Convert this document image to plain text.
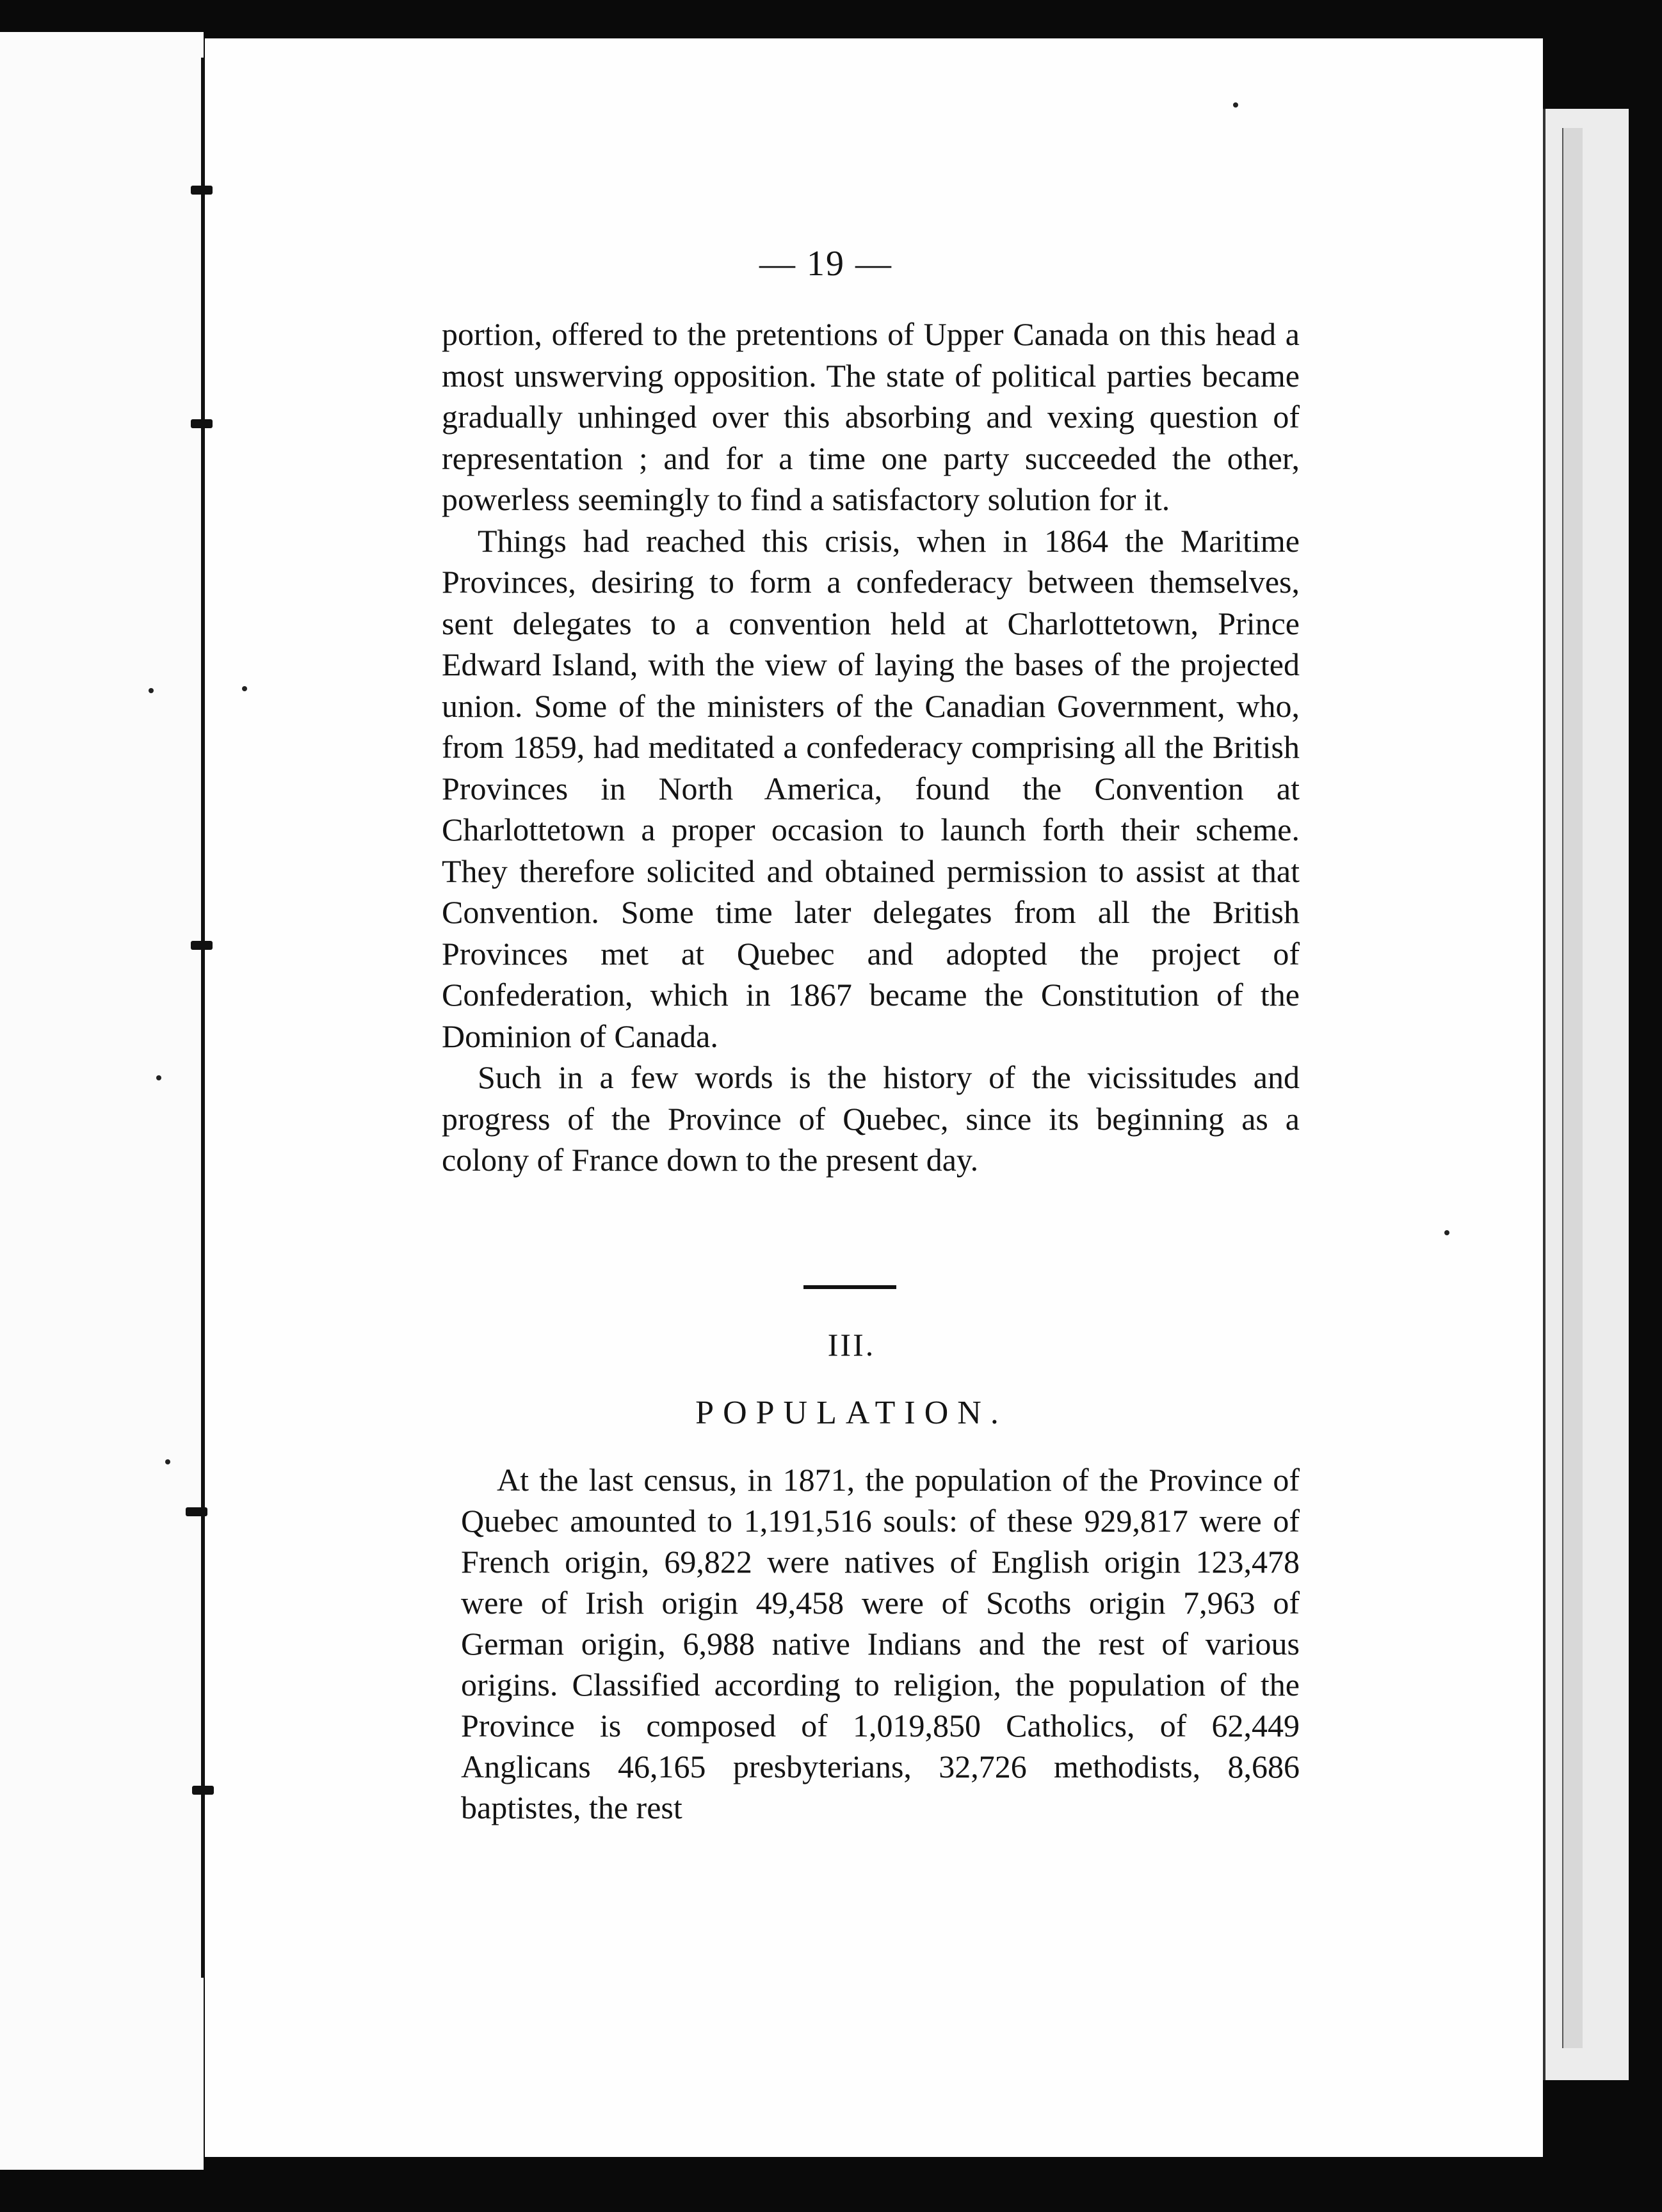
— 19 —

portion, offered to the pretentions of Upper Canada on this head a most unswerving opposition. The state of political parties became gradually unhinged over this absorbing and vexing question of representation ; and for a time one party succeeded the other, powerless seemingly to find a satisfactory solution for it.

Things had reached this crisis, when in 1864 the Maritime Provinces, desiring to form a confederacy between themselves, sent delegates to a convention held at Charlottetown, Prince Edward Island, with the view of laying the bases of the projected union. Some of the ministers of the Canadian Government, who, from 1859, had meditated a confederacy comprising all the British Provinces in North America, found the Convention at Charlottetown a proper occasion to launch forth their scheme. They therefore solicited and obtained permission to assist at that Convention. Some time later delegates from all the British Provinces met at Quebec and adopted the project of Confederation, which in 1867 became the Constitution of the Dominion of Canada.

Such in a few words is the history of the vicissitudes and progress of the Province of Quebec, since its beginning as a colony of France down to the present day.

III.
POPULATION.

At the last census, in 1871, the population of the Province of Quebec amounted to 1,191,516 souls: of these 929,817 were of French origin, 69,822 were natives of English origin 123,478 were of Irish origin 49,458 were of Scoths origin 7,963 of German origin, 6,988 native Indians and the rest of various origins. Classified according to religion, the population of the Province is composed of 1,019,850 Catholics, of 62,449 Anglicans 46,165 presbyterians, 32,726 methodists, 8,686 baptistes, the rest
